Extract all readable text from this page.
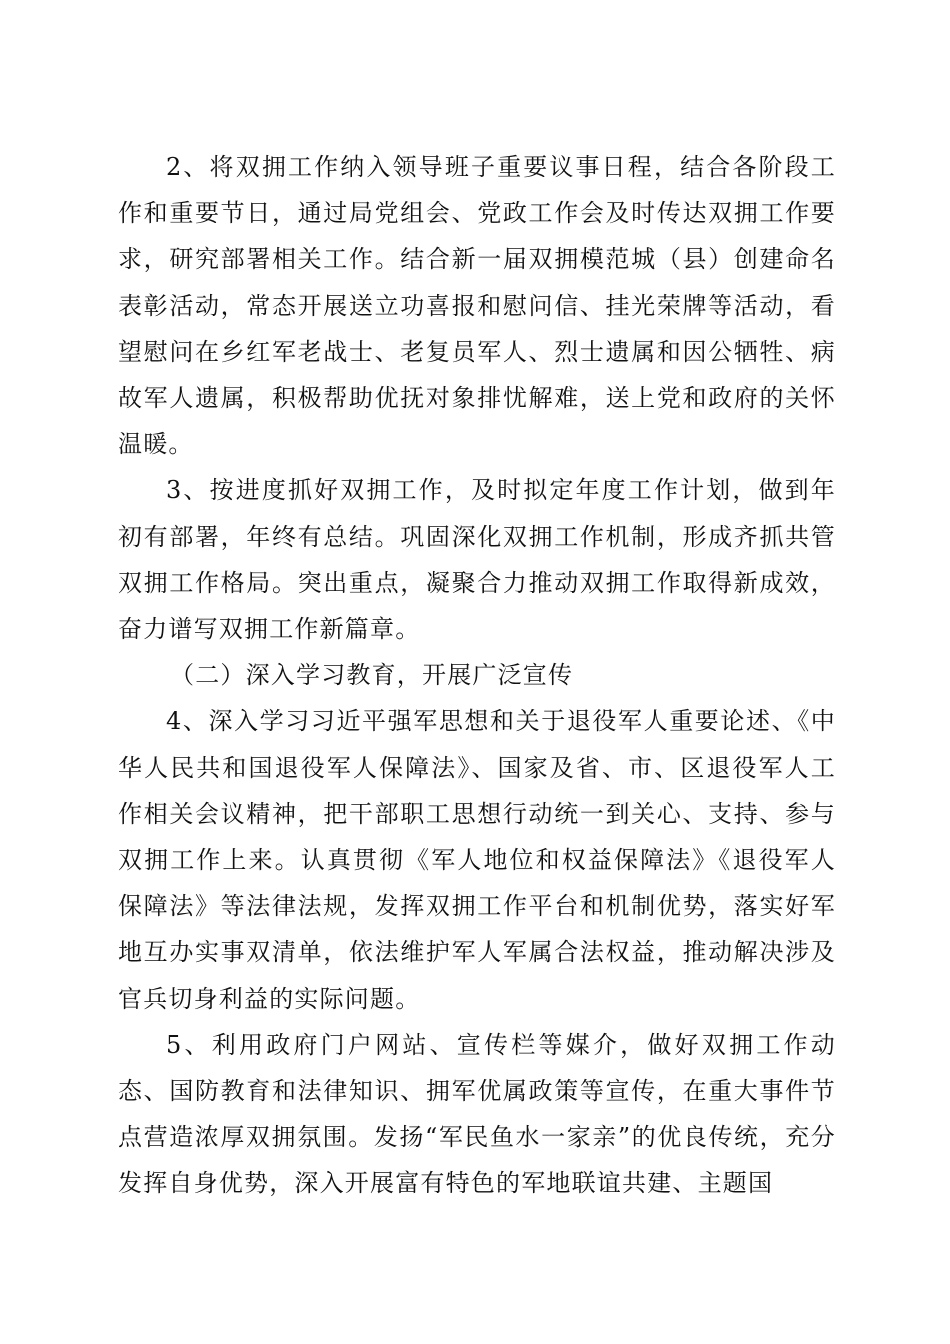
2、将双拥工作纳入领导班子重要议事日程，结合各阶段工作和重要节日，通过局党组会、党政工作会及时传达双拥工作要求，研究部署相关工作。结合新一届双拥模范城（县）创建命名表彰活动，常态开展送立功喜报和慰问信、挂光荣牌等活动，看望慰问在乡红军老战士、老复员军人、烈士遗属和因公牺牲、病故军人遗属，积极帮助优抚对象排忧解难，送上党和政府的关怀温暖。

3、按进度抓好双拥工作，及时拟定年度工作计划，做到年初有部署，年终有总结。巩固深化双拥工作机制，形成齐抓共管双拥工作格局。突出重点，凝聚合力推动双拥工作取得新成效，奋力谱写双拥工作新篇章。

（二）深入学习教育，开展广泛宣传

4、深入学习习近平强军思想和关于退役军人重要论述、《中华人民共和国退役军人保障法》、国家及省、市、区退役军人工作相关会议精神，把干部职工思想行动统一到关心、支持、参与双拥工作上来。认真贯彻《军人地位和权益保障法》《退役军人保障法》等法律法规，发挥双拥工作平台和机制优势，落实好军地互办实事双清单，依法维护军人军属合法权益，推动解决涉及官兵切身利益的实际问题。

5、利用政府门户网站、宣传栏等媒介，做好双拥工作动态、国防教育和法律知识、拥军优属政策等宣传，在重大事件节点营造浓厚双拥氛围。发扬“军民鱼水一家亲”的优良传统，充分发挥自身优势，深入开展富有特色的军地联谊共建、主题国
